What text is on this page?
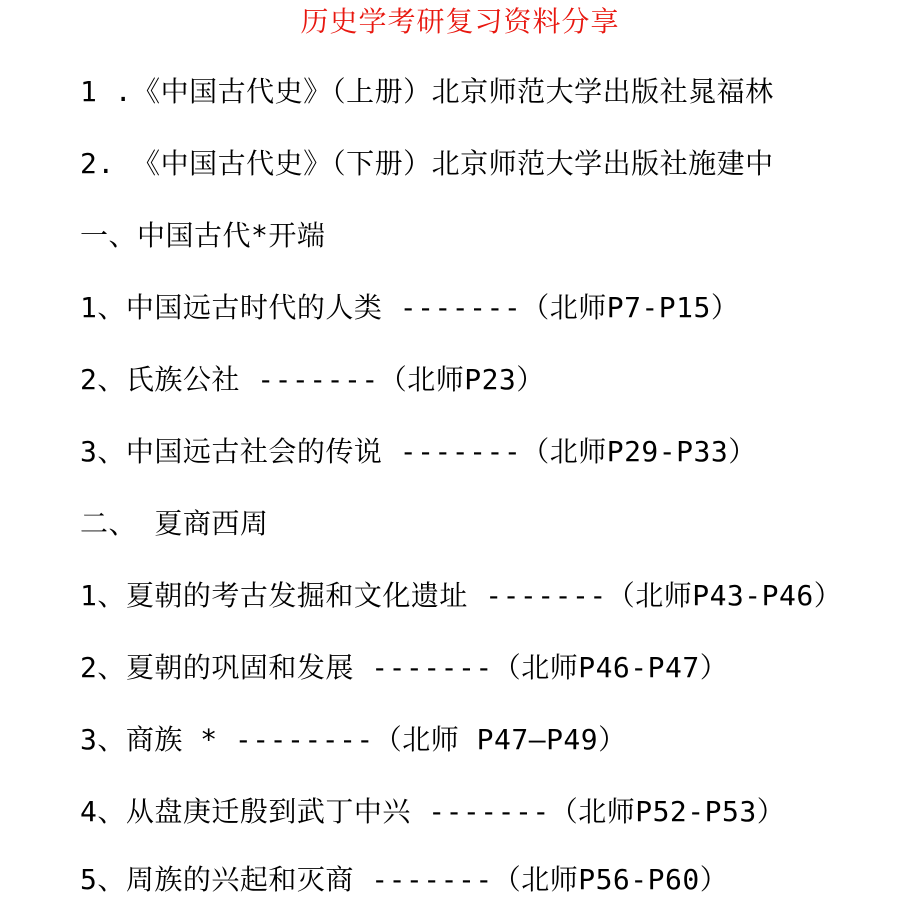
历史学考研复习资料分享
1 .《中国古代史》（上册）北京师范大学出版社晁福林
2. 《中国古代史》（下册）北京师范大学出版社施建中
一、中国古代*开端
1、中国远古时代的人类 -------（北师P7-P15）
2、氏族公社 -------（北师P23）
3、中国远古社会的传说 -------（北师P29-P33）
二、 夏商西周
1、夏朝的考古发掘和文化遗址 -------（北师P43-P46）
2、夏朝的巩固和发展 -------（北师P46-P47）
3、商族 * --------（北师 P47—P49）
4、从盘庚迁殷到武丁中兴 -------（北师P52-P53）
5、周族的兴起和灭商 -------（北师P56-P60）
